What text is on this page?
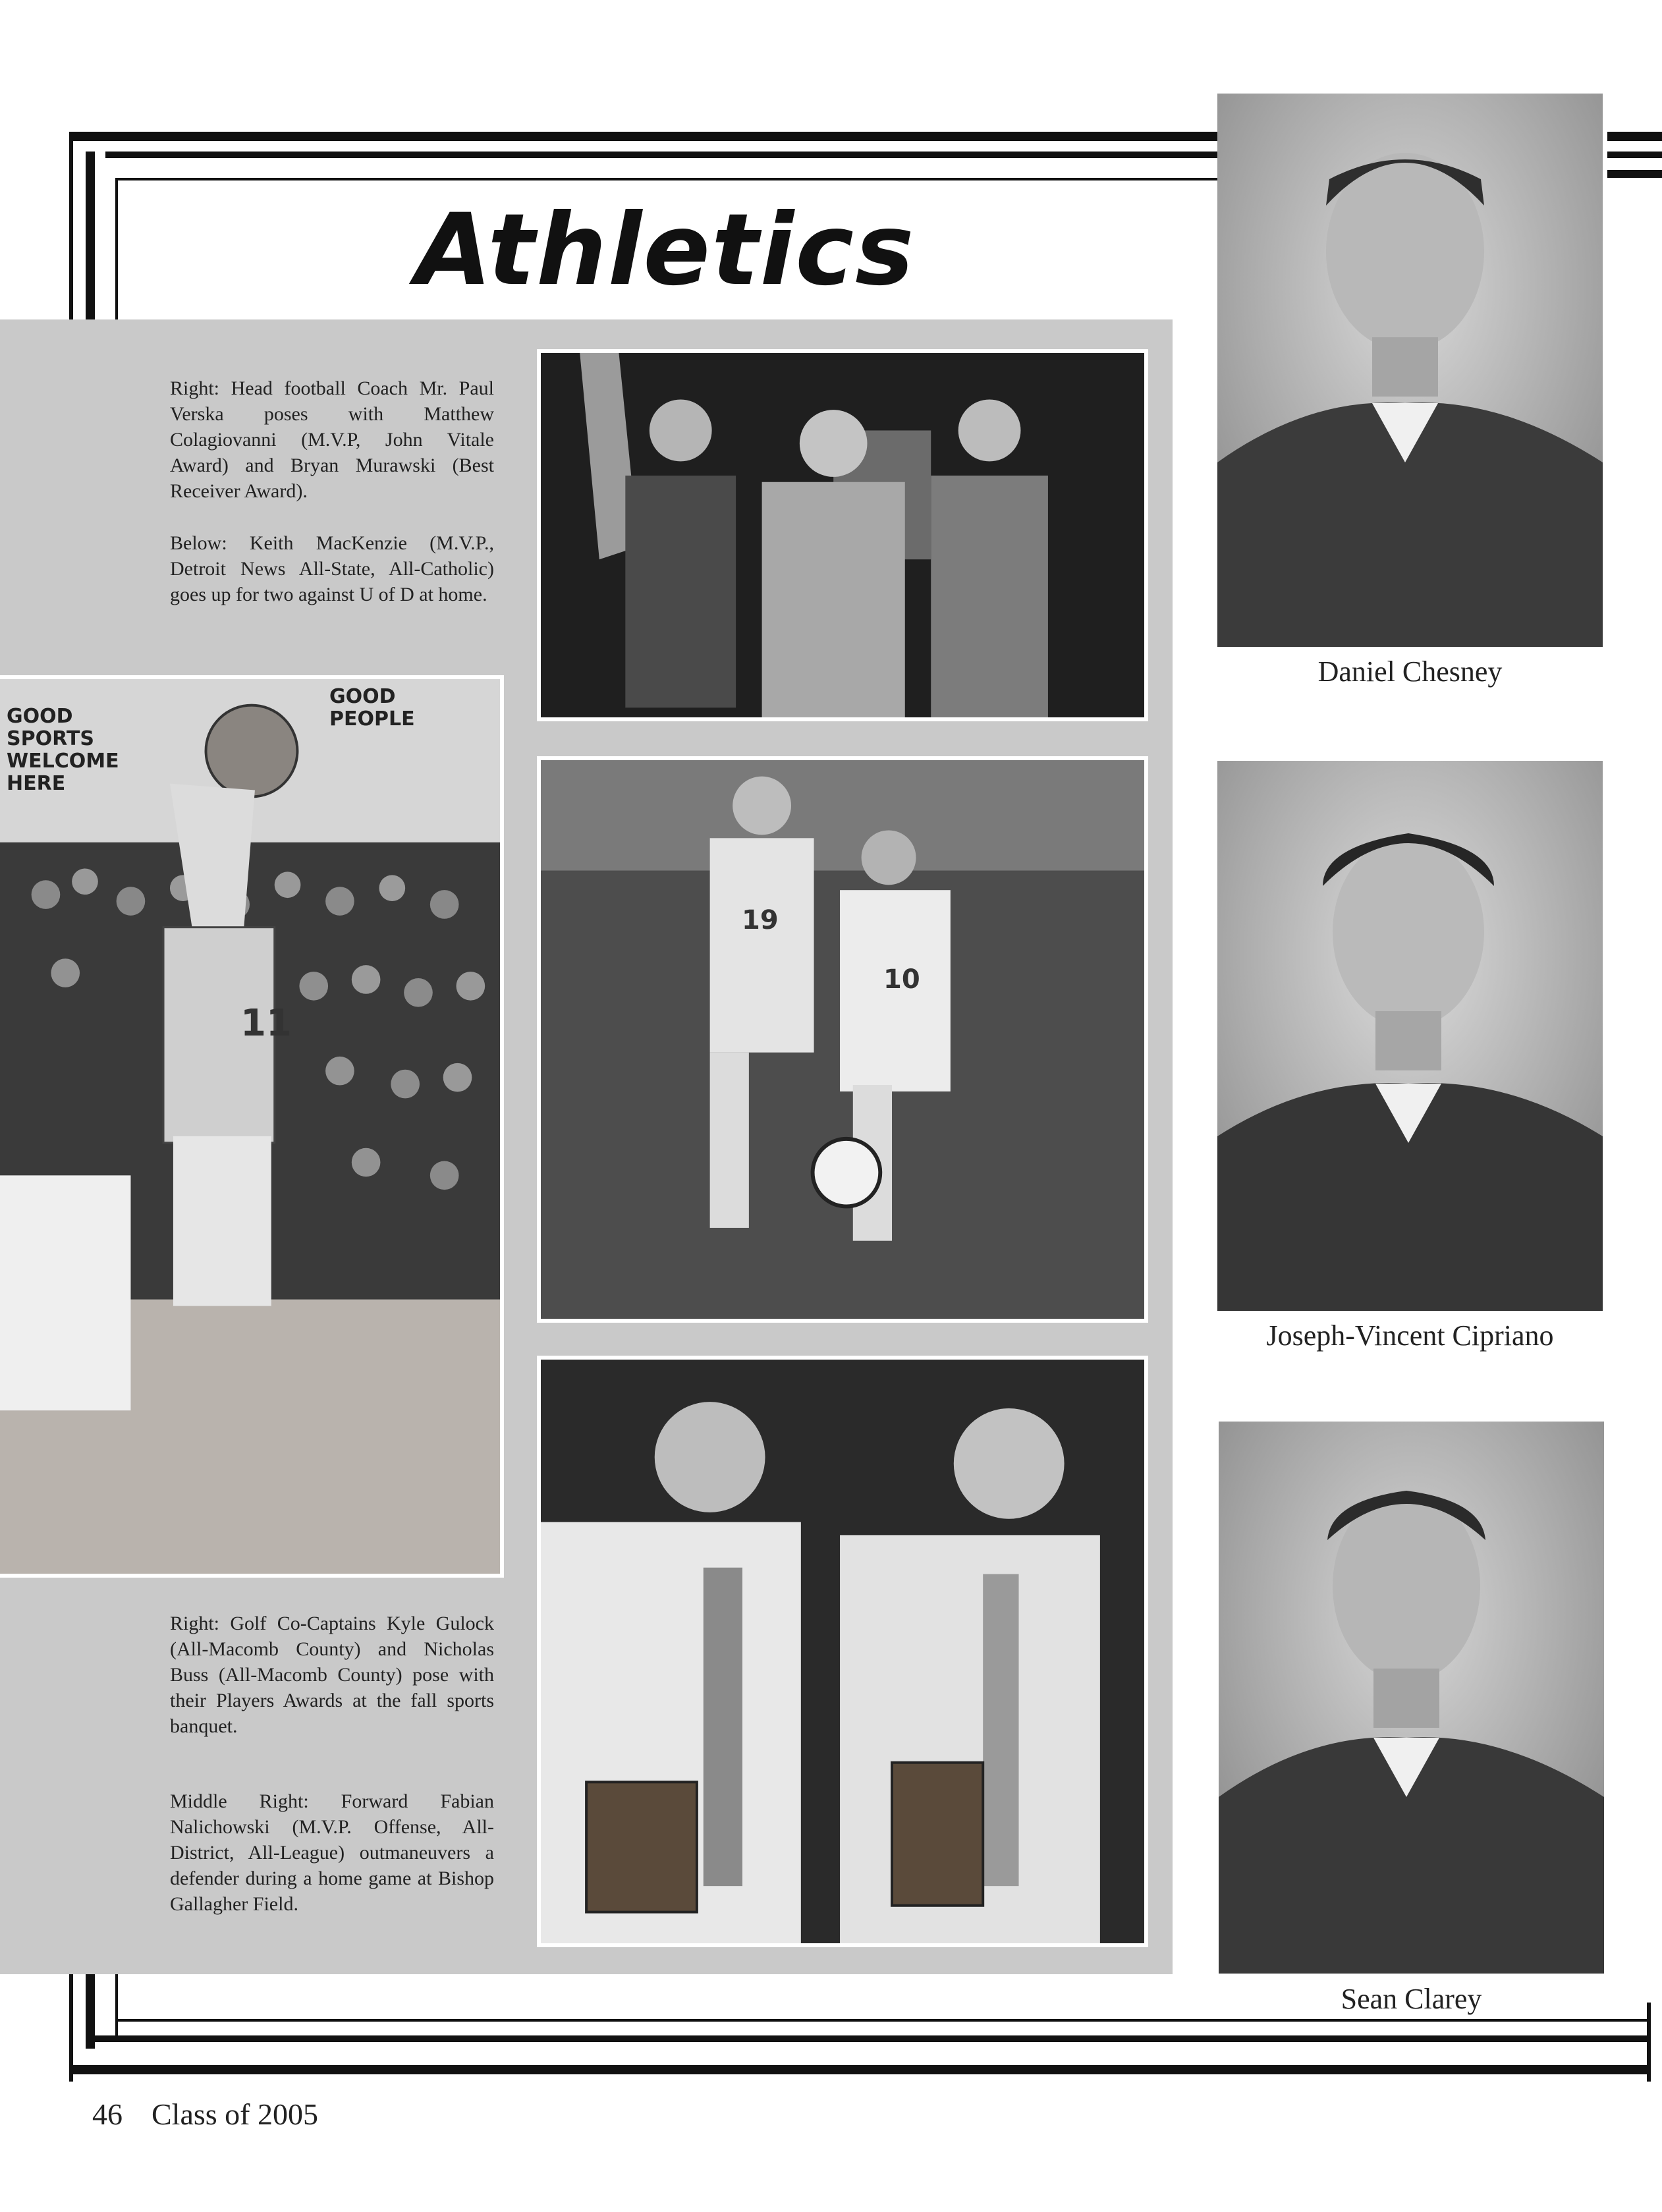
Athletics

Right: Head football Coach Mr. Paul Verska poses with Matthew Colagiovanni (M.V.P, John Vitale Award) and Bryan Murawski (Best Receiver Award).

Below: Keith MacKenzie (M.V.P., Detroit News All-State, All-Catholic) goes up for two against U of D at home.

GOOD SPORTS WELCOME HERE
GOOD PEOPLE
11
19
10

Right: Golf Co-Captains Kyle Gulock (All-Macomb County) and Nicholas Buss (All-Macomb County) pose with their Players Awards at the fall sports banquet.

Middle Right: Forward Fabian Nalichowski (M.V.P. Offense, All-District, All-League) outmaneuvers a defender during a home game at Bishop Gallagher Field.

Daniel Chesney
Joseph-Vincent Cipriano
Sean Clarey
46 Class of 2005
